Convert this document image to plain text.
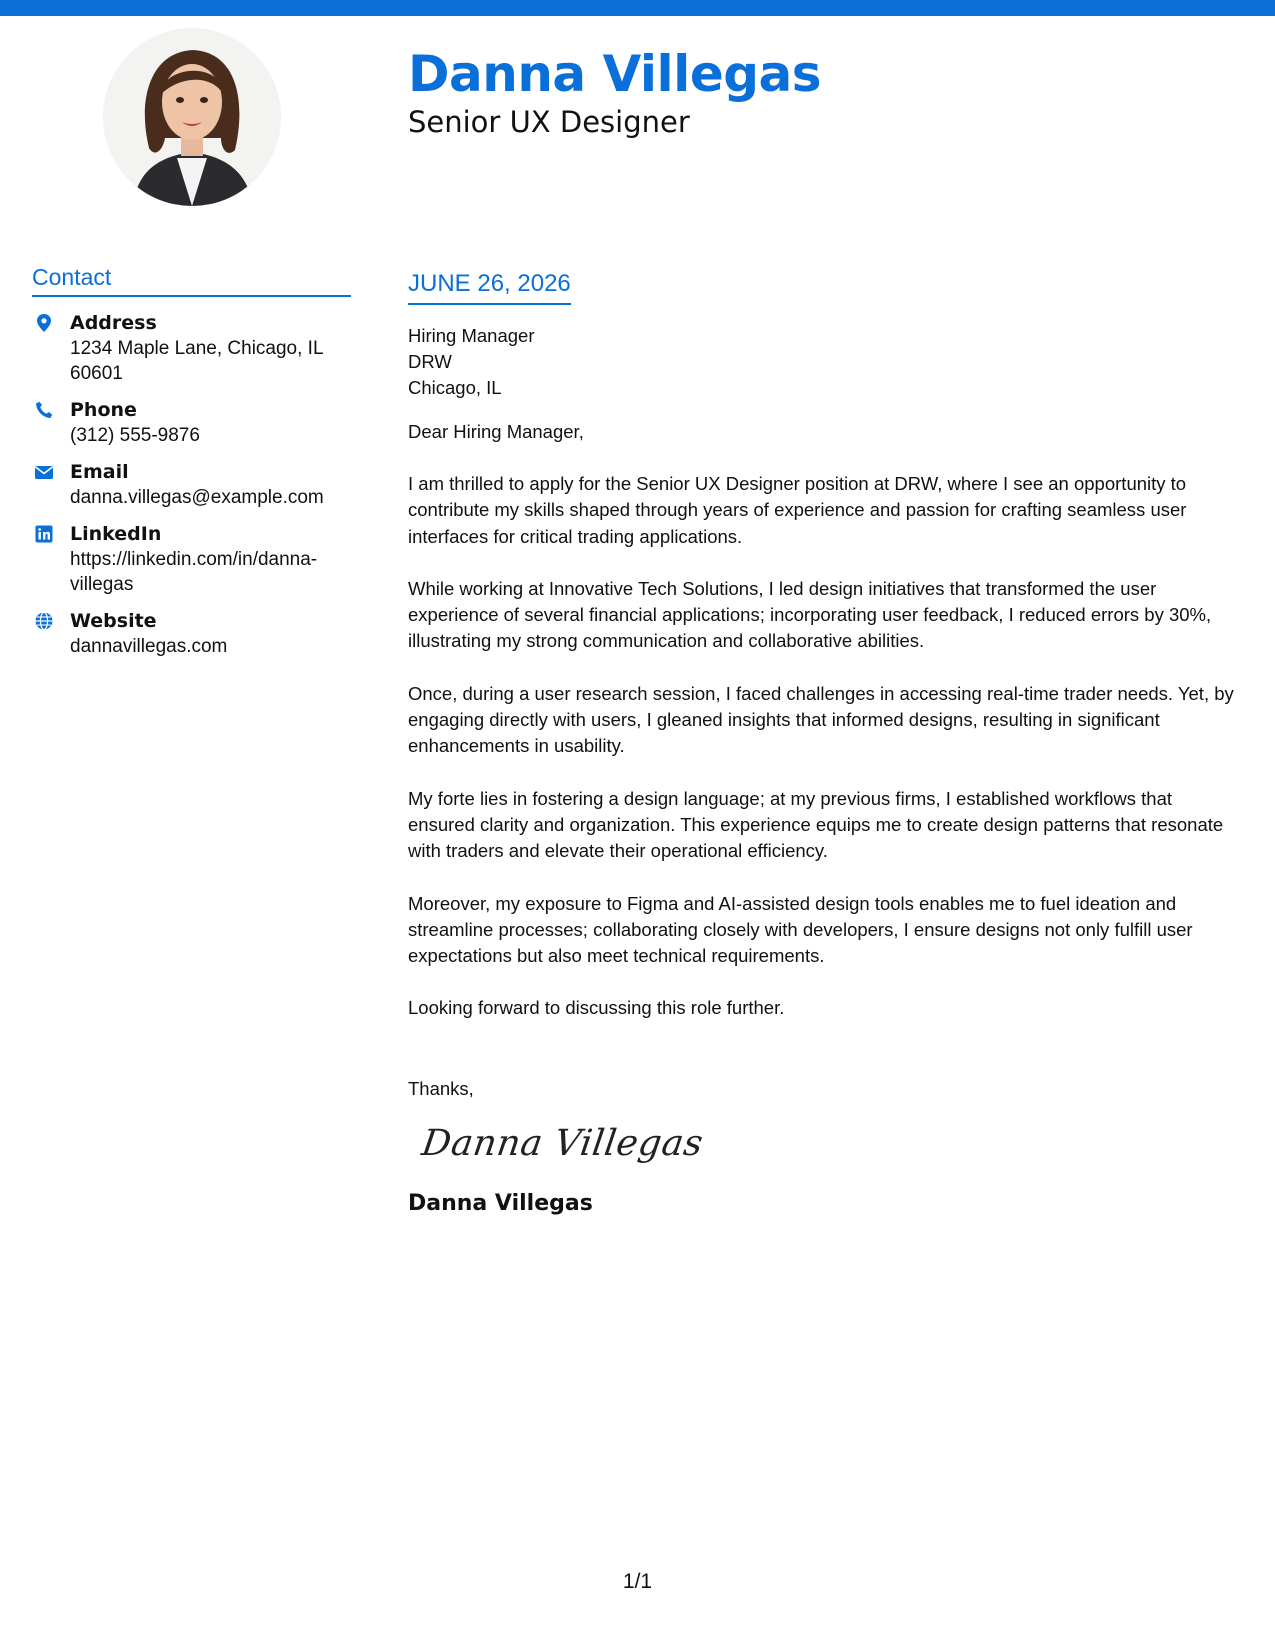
Danna Villegas
Senior UX Designer
Contact
Address
1234 Maple Lane, Chicago, IL 60601
Phone
(312) 555-9876
Email
danna.villegas@example.com
LinkedIn
https://linkedin.com/in/danna-villegas
Website
dannavillegas.com
JUNE 26, 2026
Hiring Manager
DRW
Chicago, IL

Dear Hiring Manager,

I am thrilled to apply for the Senior UX Designer position at DRW, where I see an opportunity to contribute my skills shaped through years of experience and passion for crafting seamless user interfaces for critical trading applications.

While working at Innovative Tech Solutions, I led design initiatives that transformed the user experience of several financial applications; incorporating user feedback, I reduced errors by 30%, illustrating my strong communication and collaborative abilities.

Once, during a user research session, I faced challenges in accessing real-time trader needs. Yet, by engaging directly with users, I gleaned insights that informed designs, resulting in significant enhancements in usability.

My forte lies in fostering a design language; at my previous firms, I established workflows that ensured clarity and organization. This experience equips me to create design patterns that resonate with traders and elevate their operational efficiency.

Moreover, my exposure to Figma and AI-assisted design tools enables me to fuel ideation and streamline processes; collaborating closely with developers, I ensure designs not only fulfill user expectations but also meet technical requirements.

Looking forward to discussing this role further.

Thanks,

Danna Villegas
Danna Villegas
1/1
